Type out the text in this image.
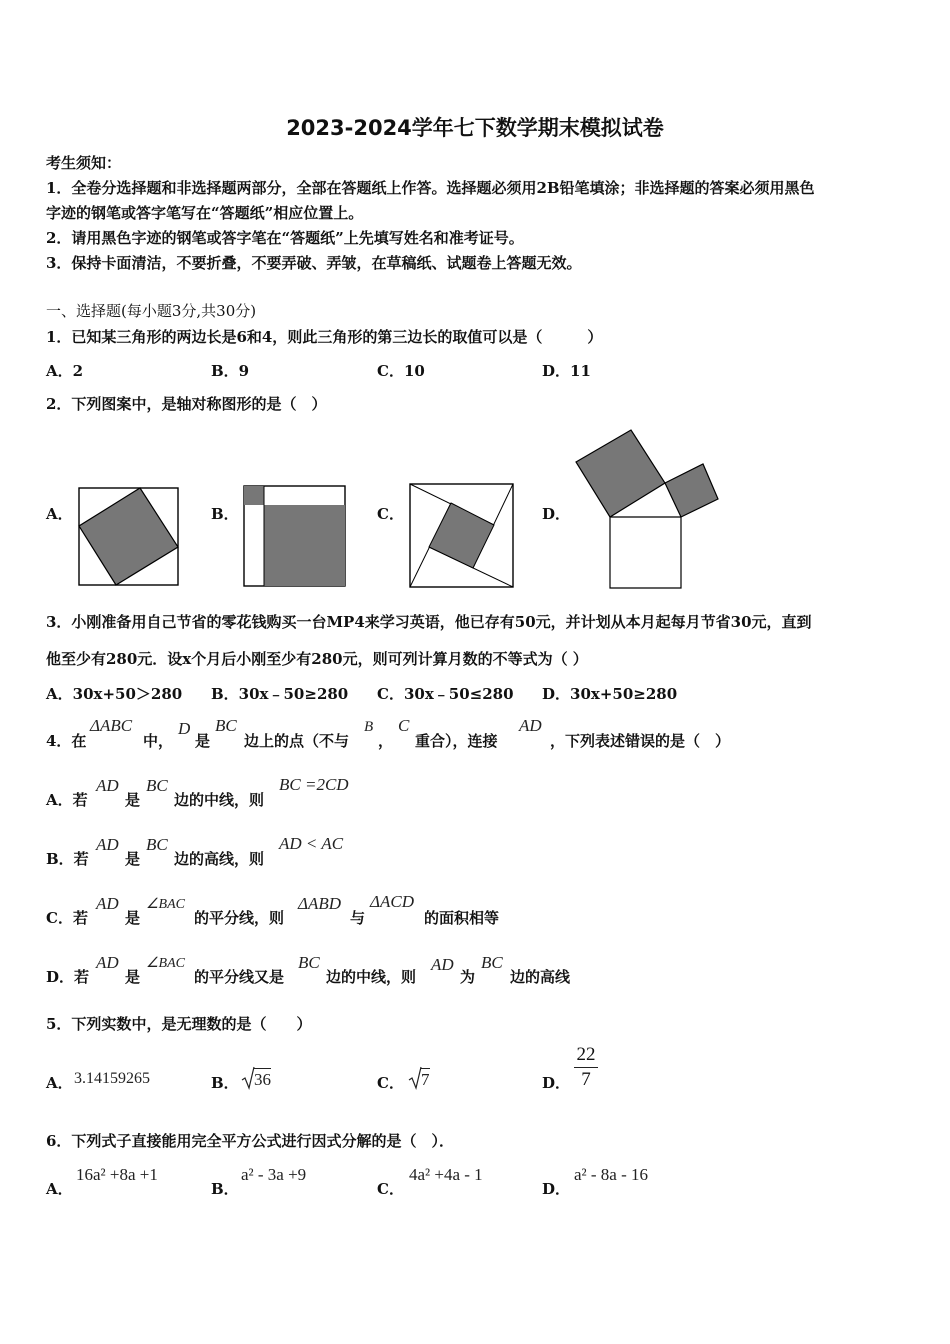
2023-2024学年七下数学期末模拟试卷
考生须知：
1．全卷分选择题和非选择题两部分，全部在答题纸上作答。选择题必须用2B铅笔填涂；非选择题的答案必须用黑色
字迹的钢笔或答字笔写在“答题纸”相应位置上。
2．请用黑色字迹的钢笔或答字笔在“答题纸”上先填写姓名和准考证号。
3．保持卡面清洁，不要折叠，不要弄破、弄皱，在草稿纸、试题卷上答题无效。
一、选择题(每小题3分,共30分)
1．已知某三角形的两边长是6和4，则此三角形的第三边长的取值可以是（　　　）
A．2	B．9	C．10	D．11
2．下列图案中，是轴对称图形的是（　）
A．	B．	C．	D．
3．小刚准备用自己节省的零花钱购买一台MP4来学习英语，他已存有50元，并计划从本月起每月节省30元，直到
他至少有280元．设x个月后小刚至少有280元，则可列计算月数的不等式为（ ）
A．30x+50＞280 B．30x﹣50≥280 C．30x﹣50≤280 D．30x+50≥280
4．在
ΔABC
中，
D
是
BC
边上的点（不与
B
，
C
重合），连接
AD
，下列表述错误的是（　）
A．若
AD
是
BC
边的中线，则
BC =2CD
B．若
AD
是
BC
边的高线，则
AD < AC
C．若
AD
是
∠BAC
的平分线，则
ΔABD
与
ΔACD
的面积相等
D．若
AD
是
∠BAC
的平分线又是
BC
边的中线，则
AD
为
BC
边的高线
5．下列实数中，是无理数的是（　　）
A． 3.14159265	B． 36	C． 7	D． $\frac{22}{7}$
6．下列式子直接能用完全平方公式进行因式分解的是（　）．
A．
16a² +8a +1
B．
a² - 3a +9
C．
4a² +4a - 1
D．
a² - 8a - 16
